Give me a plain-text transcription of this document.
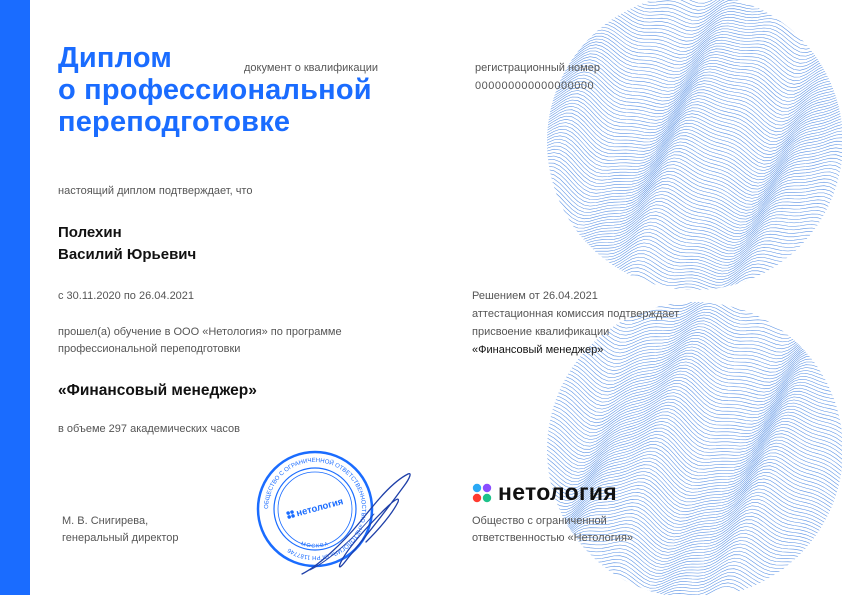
Диплом
о профессиональной
переподготовке
документ о квалификации	регистрационный номер
000000000000000000
настоящий диплом подтверждает, что
Полехин
Василий Юрьевич
с 30.11.2020 по 26.04.2021
прошел(а) обучение в ООО «Нетология» по программе
профессиональной переподготовки
«Финансовый менеджер»
в объеме 297 академических часов
Решением от 26.04.2021
аттестационная комиссия подтверждает
присвоение квалификации
«Финансовый менеджер»
ОБЩЕСТВО С ОГРАНИЧЕННОЙ ОТВЕТСТВЕННОСТЬЮ «НЕТОЛОГИЯ» ОГРН 1187746
нетология
МОСКВА
М. В. Снигирева,
генеральный директор
нетология
Общество с ограниченной
ответственностью «Нетология»
